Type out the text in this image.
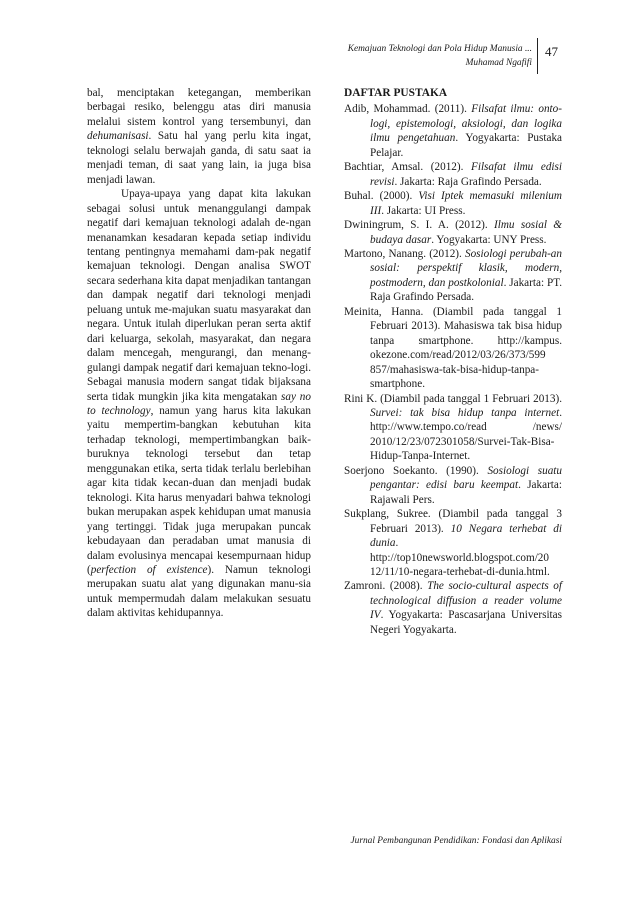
Kemajuan Teknologi dan Pola Hidup Manusia ...
Muhamad Ngafifi
47

bal, menciptakan ketegangan, memberikan berbagai resiko, belenggu atas diri manusia melalui sistem kontrol yang tersembunyi, dan dehumanisasi. Satu hal yang perlu kita ingat, teknologi selalu berwajah ganda, di satu saat ia menjadi teman, di saat yang lain, ia juga bisa menjadi lawan.

Upaya-upaya yang dapat kita lakukan sebagai solusi untuk menanggulangi dampak negatif dari kemajuan teknologi adalah de-ngan menanamkan kesadaran kepada setiap individu tentang pentingnya memahami dam-pak negatif kemajuan teknologi. Dengan analisa SWOT secara sederhana kita dapat menjadikan tantangan dan dampak negatif dari teknologi menjadi peluang untuk me-majukan suatu masyarakat dan negara. Untuk itulah diperlukan peran serta aktif dari keluarga, sekolah, masyarakat, dan negara dalam mencegah, mengurangi, dan menang-gulangi dampak negatif dari kemajuan tekno-logi. Sebagai manusia modern sangat tidak bijaksana serta tidak mungkin jika kita mengatakan say no to technology, namun yang harus kita lakukan yaitu mempertim-bangkan kebutuhan kita terhadap teknologi, mempertimbangkan baik-buruknya teknologi tersebut dan tetap menggunakan etika, serta tidak terlalu berlebihan agar kita tidak kecan-duan dan menjadi budak teknologi. Kita harus menyadari bahwa teknologi bukan merupakan aspek kehidupan umat manusia yang tertinggi. Tidak juga merupakan puncak kebudayaan dan peradaban umat manusia di dalam evolusinya mencapai kesempurnaan hidup (perfection of existence). Namun teknologi merupakan suatu alat yang digunakan manu-sia untuk mempermudah dalam melakukan sesuatu dalam aktivitas kehidupannya.

DAFTAR PUSTAKA

Adib, Mohammad. (2011). Filsafat ilmu: onto-logi, epistemologi, aksiologi, dan logika ilmu pengetahuan. Yogyakarta: Pustaka Pelajar.

Bachtiar, Amsal. (2012). Filsafat ilmu edisi revisi. Jakarta: Raja Grafindo Persada.

Buhal. (2000). Visi Iptek memasuki milenium III. Jakarta: UI Press.

Dwiningrum, S. I. A. (2012). Ilmu sosial & budaya dasar. Yogyakarta: UNY Press.

Martono, Nanang. (2012). Sosiologi perubah-an sosial: perspektif klasik, modern, postmodern, dan postkolonial. Jakarta: PT. Raja Grafindo Persada.

Meinita, Hanna. (Diambil pada tanggal 1 Februari 2013). Mahasiswa tak bisa hidup tanpa smartphone. http://kampus. okezone.com/read/2012/03/26/373/599 857/mahasiswa-tak-bisa-hidup-tanpa-smartphone.

Rini K. (Diambil pada tanggal 1 Februari 2013). Survei: tak bisa hidup tanpa internet. http://www.tempo.co/read /news/ 2010/12/23/072301058/Survei-Tak-Bisa-Hidup-Tanpa-Internet.

Soerjono Soekanto. (1990). Sosiologi suatu pengantar: edisi baru keempat. Jakarta: Rajawali Pers.

Sukplang, Sukree. (Diambil pada tanggal 3 Februari 2013). 10 Negara terhebat di dunia. http://top10newsworld.blogspot.com/20 12/11/10-negara-terhebat-di-dunia.html.

Zamroni. (2008). The socio-cultural aspects of technological diffusion a reader volume IV. Yogyakarta: Pascasarjana Universitas Negeri Yogyakarta.

Jurnal Pembangunan Pendidikan: Fondasi dan Aplikasi
